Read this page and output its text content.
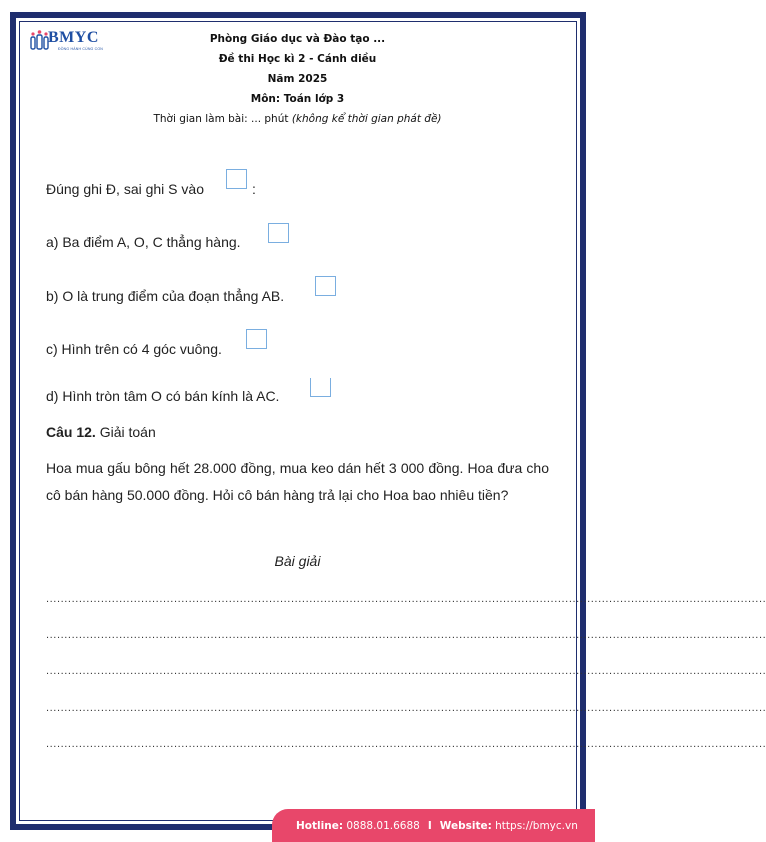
BMYC
ĐỒNG HÀNH CÙNG CON
Phòng Giáo dục và Đào tạo ...
Đề thi Học kì 2 - Cánh diều
Năm 2025
Môn: Toán lớp 3
Thời gian làm bài: ... phút (không kể thời gian phát đề)
Đúng ghi Đ, sai ghi S vào	:
a) Ba điểm A, O, C thẳng hàng.
b) O là trung điểm của đoạn thẳng AB.
c) Hình trên có 4 góc vuông.
d) Hình tròn tâm O có bán kính là AC.
Câu 12. Giải toán
Hoa mua gấu bông hết 28.000 đồng, mua keo dán hết 3 000 đồng. Hoa đưa cho cô bán hàng 50.000 đồng. Hỏi cô bán hàng trả lại cho Hoa bao nhiêu tiền?
Bài giải
.....................................................................................................................................................................................................
.....................................................................................................................................................................................................
.....................................................................................................................................................................................................
.....................................................................................................................................................................................................
.....................................................................................................................................................................................................
Hotline:
0888.01.6688 I Website:
https://bmyc.vn
